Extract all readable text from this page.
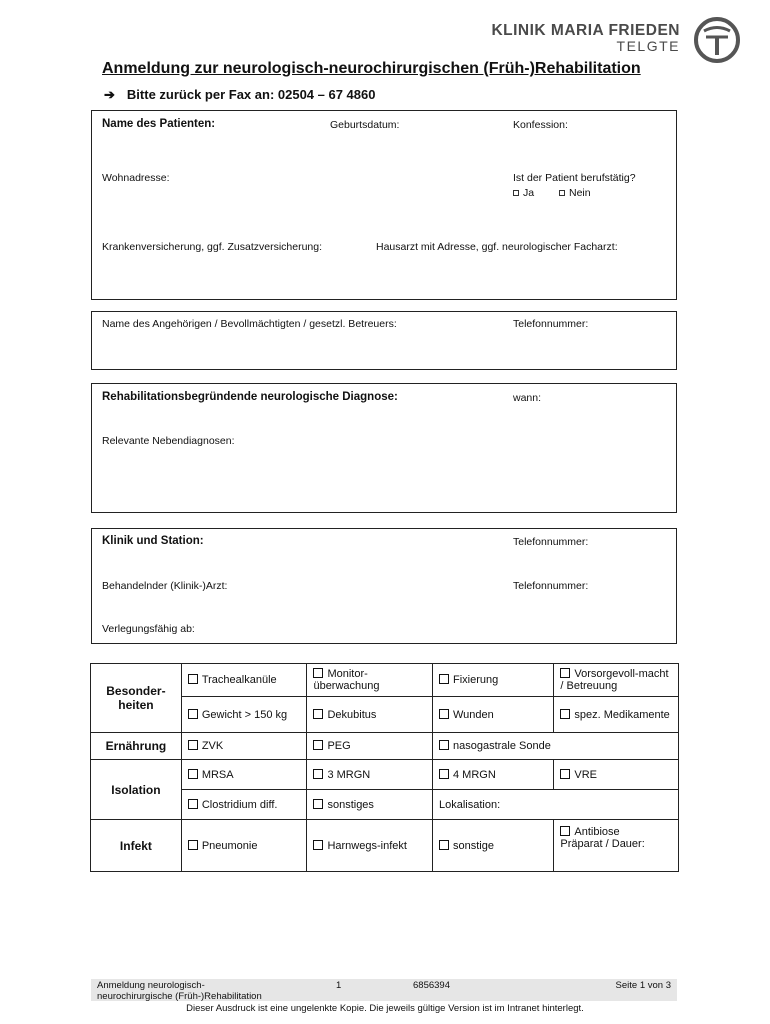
KLINIK MARIA FRIEDEN
TELGTE
Anmeldung zur neurologisch-neurochirurgischen (Früh-)Rehabilitation
➔ Bitte zurück per Fax an: 02504 – 67 4860
Name des Patienten:	Geburtsdatum:	Konfession:
Wohnadresse:	Ist der Patient berufstätig?
Ja	Nein
Krankenversicherung, ggf. Zusatzversicherung:	Hausarzt mit Adresse, ggf. neurologischer Facharzt:
Name des Angehörigen / Bevollmächtigten / gesetzl. Betreuers:	Telefonnummer:
Rehabilitationsbegründende neurologische Diagnose:	wann:
Relevante Nebendiagnosen:
Klinik und Station:	Telefonnummer:
Behandelnder (Klinik-)Arzt:	Telefonnummer:
Verlegungsfähig ab:
Besonder-heiten	Trachealkanüle	Monitor-überwachung	Fixierung	Vorsorgevoll-macht / Betreuung
	Gewicht > 150 kg	Dekubitus	Wunden	spez. Medikamente
Ernährung	ZVK	PEG	nasogastrale Sonde	
Isolation	MRSA	3 MRGN	4 MRGN	VRE
	Clostridium diff.	sonstiges	Lokalisation:	
Infekt	Pneumonie	Harnwegs-infekt	sonstige	Antibiose
Präparat / Dauer:
Anmeldung neurologisch-
neurochirurgische (Früh-)Rehabilitation
1	6856394	Seite 1 von 3
Dieser Ausdruck ist eine ungelenkte Kopie. Die jeweils gültige Version ist im Intranet hinterlegt.
